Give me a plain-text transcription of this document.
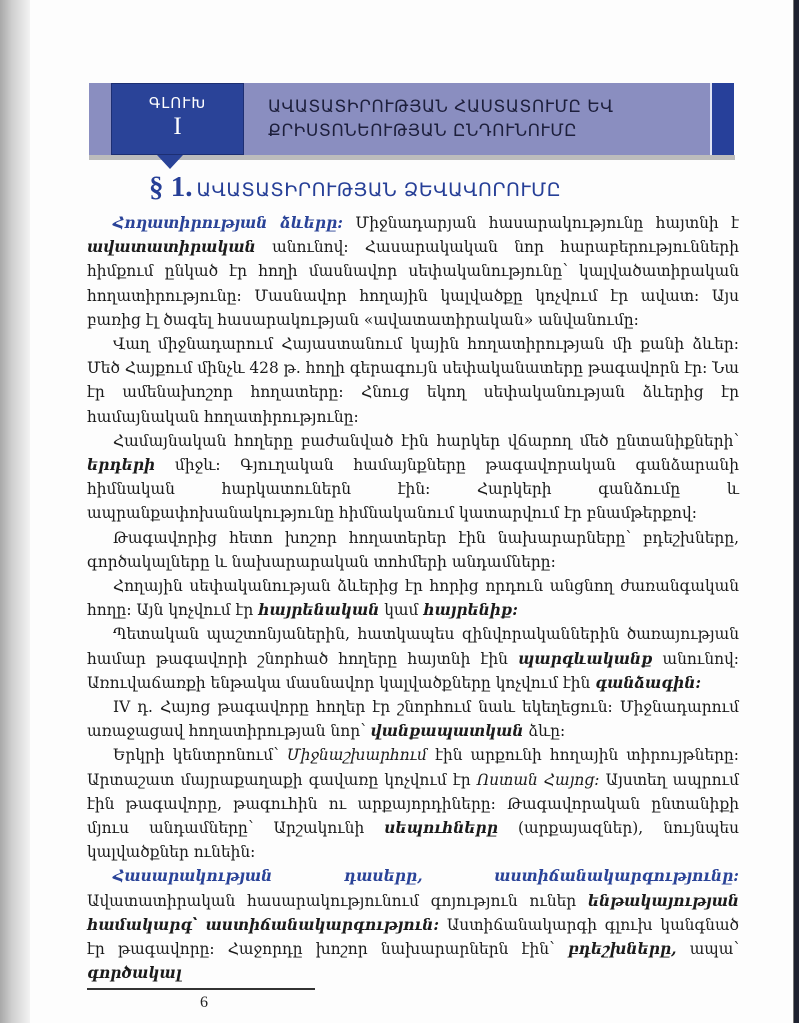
ԳԼՈՒԽ
I
ԱՎԱՏԱՏԻՐՈՒԹՅԱՆ ՀԱՍՏԱՏՈՒՄԸ ԵՎ
ՔՐԻՍՏՈՆԵՈՒԹՅԱՆ ԸՆԴՈՒՆՈՒՄԸ
§ 1. ԱՎԱՏԱՏԻՐՈՒԹՅԱՆ ՁԵՎԱՎՈՐՈՒՄԸ

Հողատիրության ձևերը: Միջնադարյան հասարակությունը հայտնի է ավատատիրական անունով: Հասարակական նոր հարաբերությունների հիմքում ընկած էր հողի մասնավոր սեփականությունը՝ կալվածատիրական հողատիրությունը: Մասնավոր հողային կալվածքը կոչվում էր ավատ: Այս բառից էլ ծագել հասարակության «ավատատիրական» անվանումը:

Վաղ միջնադարում Հայաստանում կային հողատիրության մի քանի ձևեր: Մեծ Հայքում մինչև 428 թ. հողի գերագույն սեփականատերը թագավորն էր: Նա էր ամենախոշոր հողատերը: Հնուց եկող սեփականության ձևերից էր համայնական հողատիրությունը:

Համայնական հողերը բաժանված էին հարկեր վճարող մեծ ընտանիքների՝ երդերի միջև: Գյուղական համայնքները թագավորական գանձարանի հիմնական հարկատուներն էին: Հարկերի գանձումը և ապրանքափոխանակությունը հիմնականում կատարվում էր բնամթերքով:

Թագավորից հետո խոշոր հողատերեր էին նախարարները՝ բդեշխները, գործակալները և նախարարական տոհմերի անդամները:

Հողային սեփականության ձևերից էր հորից որդուն անցնող ժառանգական հողը: Այն կոչվում էր հայրենական կամ հայրենիք:

Պետական պաշտոնյաներին, հատկապես զինվորականներին ծառայության համար թագավորի շնորհած հողերը հայտնի էին պարգևականք անունով: Առուվաճառքի ենթակա մասնավոր կալվածքները կոչվում էին գանձագին:

IV դ. Հայոց թագավորը հողեր էր շնորհում նաև եկեղեցուն: Միջնադարում առաջացավ հողատիրության նոր՝ վանքապատկան ձևը:

Երկրի կենտրոնում՝ Միջնաշխարհում էին արքունի հողային տիրույթները: Արտաշատ մայրաքաղաքի գավառը կոչվում էր Ոստան Հայոց: Այստեղ ապրում էին թագավորը, թագուհին ու արքայորդիները: Թագավորական ընտանիքի մյուս անդամները՝ Արշակունի սեպուհները (արքայազներ), նույնպես կալվածքներ ունեին:

Հասարակության դասերը, աստիճանակարգությունը: Ավատատիրական հասարակությունում գոյություն ուներ ենթակայության համակարգ՝ աստիճանակարգություն: Աստիճանակարգի գլուխ կանգնած էր թագավորը: Հաջորդը խոշոր նախարարներն էին՝ բդեշխները, ապա՝ գործակալ

6
